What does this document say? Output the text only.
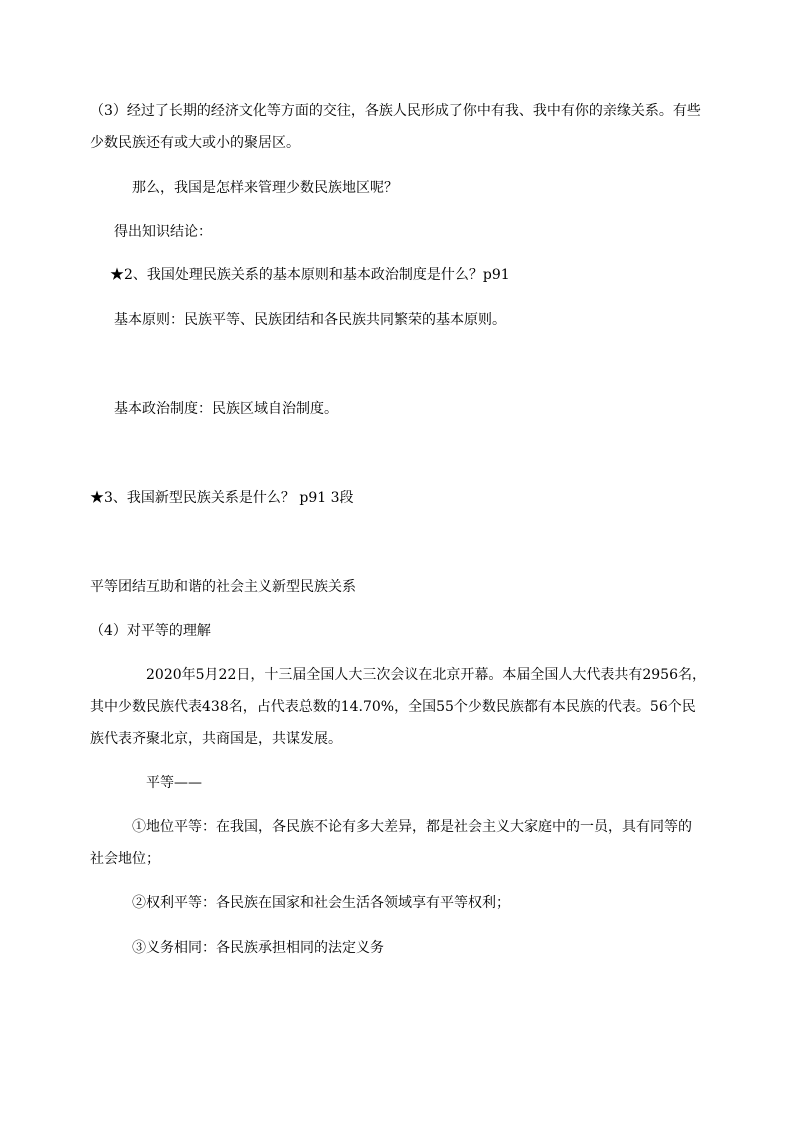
（3）经过了长期的经济文化等方面的交往，各族人民形成了你中有我、我中有你的亲缘关系。有些
少数民族还有或大或小的聚居区。
那么，我国是怎样来管理少数民族地区呢？
得出知识结论：
★2、我国处理民族关系的基本原则和基本政治制度是什么？p91
基本原则：民族平等、民族团结和各民族共同繁荣的基本原则。
基本政治制度：民族区域自治制度。
★3、我国新型民族关系是什么？ p91 3段
平等团结互助和谐的社会主义新型民族关系
（4）对平等的理解
2020年5月22日，十三届全国人大三次会议在北京开幕。本届全国人大代表共有2956名，
其中少数民族代表438名，占代表总数的14.70%，全国55个少数民族都有本民族的代表。56个民
族代表齐聚北京，共商国是，共谋发展。
平等——
①地位平等：在我国，各民族不论有多大差异，都是社会主义大家庭中的一员，具有同等的
社会地位；
②权利平等：各民族在国家和社会生活各领域享有平等权利；
③义务相同：各民族承担相同的法定义务
